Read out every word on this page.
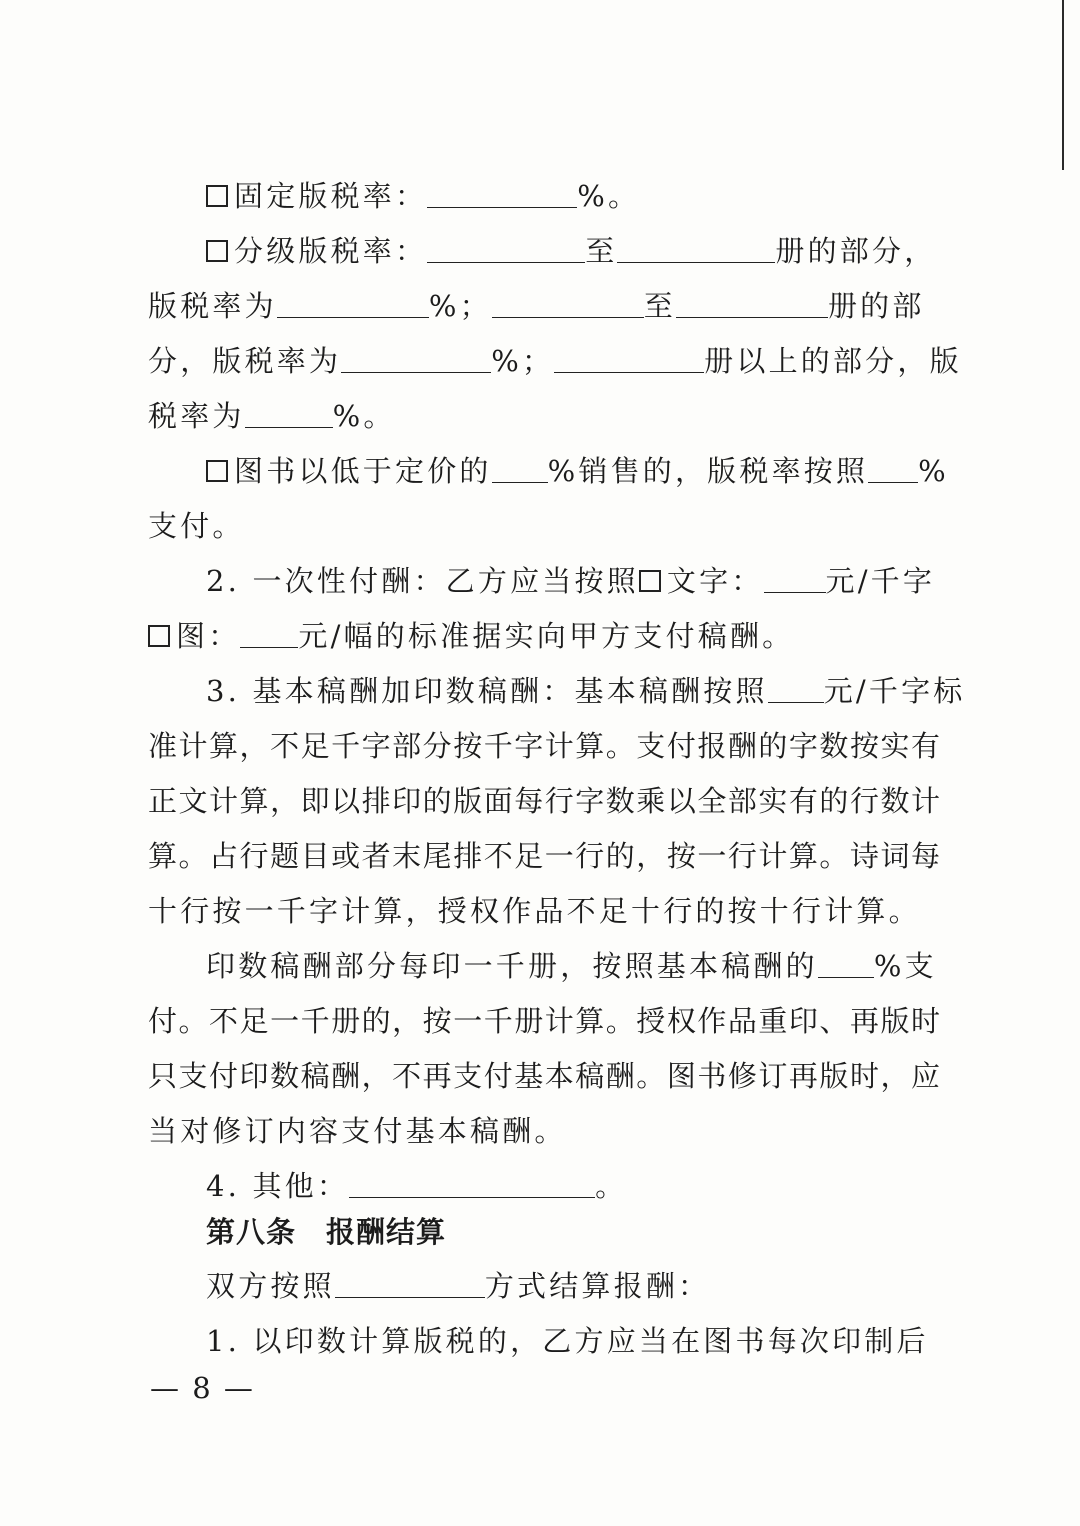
固定版税率：	%。
分级版税率：	至	册的部分，
版税率为	%；	至	册的部
分，版税率为	%；	册以上的部分，版
税率为	%。
图书以低于定价的 %销售的，版税率按照 %
支付。
2. 一次性付酬：乙方应当按照 文字： 元/千字
图： 元/幅的标准据实向甲方支付稿酬。
3. 基本稿酬加印数稿酬：基本稿酬按照 元/千字标
准计算，不足千字部分按千字计算。支付报酬的字数按实有
正文计算，即以排印的版面每行字数乘以全部实有的行数计
算。占行题目或者末尾排不足一行的，按一行计算。诗词每
十行按一千字计算，授权作品不足十行的按十行计算。
印数稿酬部分每印一千册，按照基本稿酬的 %支
付。不足一千册的，按一千册计算。授权作品重印、再版时
只支付印数稿酬，不再支付基本稿酬。图书修订再版时，应
当对修订内容支付基本稿酬。
4. 其他：	。
第八条　报酬结算
双方按照	方式结算报酬：
1. 以印数计算版税的，乙方应当在图书每次印制后
— 8 —
